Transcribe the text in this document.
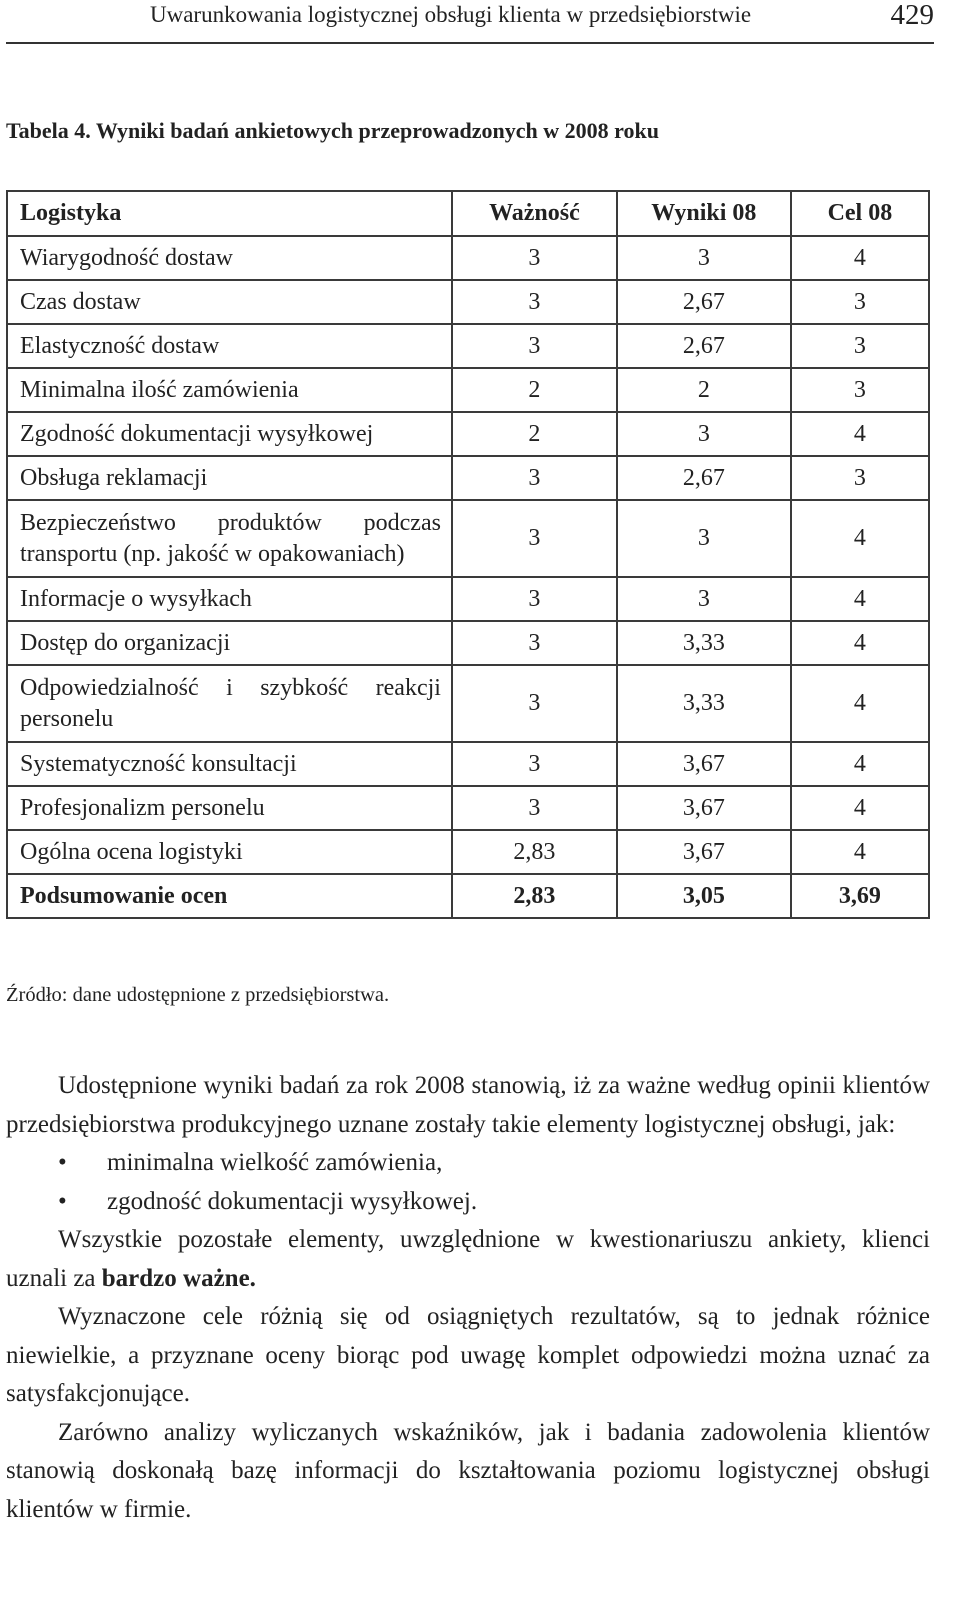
Uwarunkowania logistycznej obsługi klienta w przedsiębiorstwie	429
Tabela 4. Wyniki badań ankietowych przeprowadzonych w 2008 roku
Logistyka	Ważność	Wyniki 08	Cel 08
Wiarygodność dostaw	3	3	4
Czas dostaw	3	2,67	3
Elastyczność dostaw	3	2,67	3
Minimalna ilość zamówienia	2	2	3
Zgodność dokumentacji wysyłkowej	2	3	4
Obsługa reklamacji	3	2,67	3

Bezpieczeństwo produktów podczas transportu (np. jakość w opakowaniach)	3	3	4
Informacje o wysyłkach	3	3	4
Dostęp do organizacji	3	3,33	4

Odpowiedzialność i szybkość reakcji personelu	3	3,33	4
Systematyczność konsultacji	3	3,67	4
Profesjonalizm personelu	3	3,67	4
Ogólna ocena logistyki	2,83	3,67	4
Podsumowanie ocen	2,83	3,05	3,69
Źródło: dane udostępnione z przedsiębiorstwa.

Udostępnione wyniki badań za rok 2008 stanowią, iż za ważne według opinii klientów przedsiębiorstwa produkcyjnego uznane zostały takie elementy logistycznej obsługi, jak:

• minimalna wielkość zamówienia,
• zgodność dokumentacji wysyłkowej.

Wszystkie pozostałe elementy, uwzględnione w kwestionariuszu ankiety, klienci uznali za bardzo ważne.

Wyznaczone cele różnią się od osiągniętych rezultatów, są to jednak różnice niewielkie, a przyznane oceny biorąc pod uwagę komplet odpowiedzi można uznać za satysfakcjonujące.

Zarówno analizy wyliczanych wskaźników, jak i badania zadowolenia klientów stanowią doskonałą bazę informacji do kształtowania poziomu logistycznej obsługi klientów w firmie.
